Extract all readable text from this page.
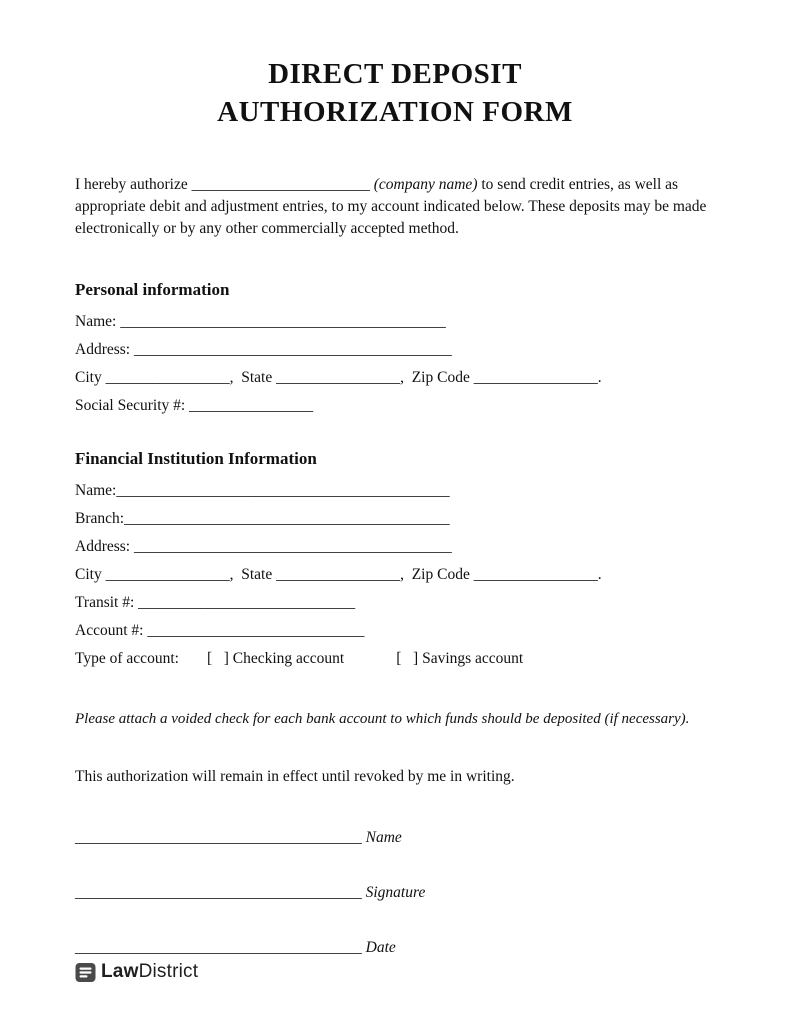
DIRECT DEPOSIT
AUTHORIZATION FORM

I hereby authorize _______________________ (company name) to send credit entries, as well as appropriate debit and adjustment entries, to my account indicated below. These deposits may be made electronically or by any other commercially accepted method.

Personal information
Name: __________________________________________
Address: _________________________________________
City ________________,  State ________________,  Zip Code ________________.
Social Security #: ________________
Financial Institution Information
Name:___________________________________________
Branch:__________________________________________
Address: _________________________________________
City ________________,  State ________________,  Zip Code ________________.
Transit #: ____________________________
Account #: ____________________________
Type of account: [   ] Checking account	[   ] Savings account

Please attach a voided check for each bank account to which funds should be deposited (if necessary).

This authorization will remain in effect until revoked by me in writing.

_____________________________________ Name
_____________________________________ Signature
_____________________________________ Date
LawDistrict
